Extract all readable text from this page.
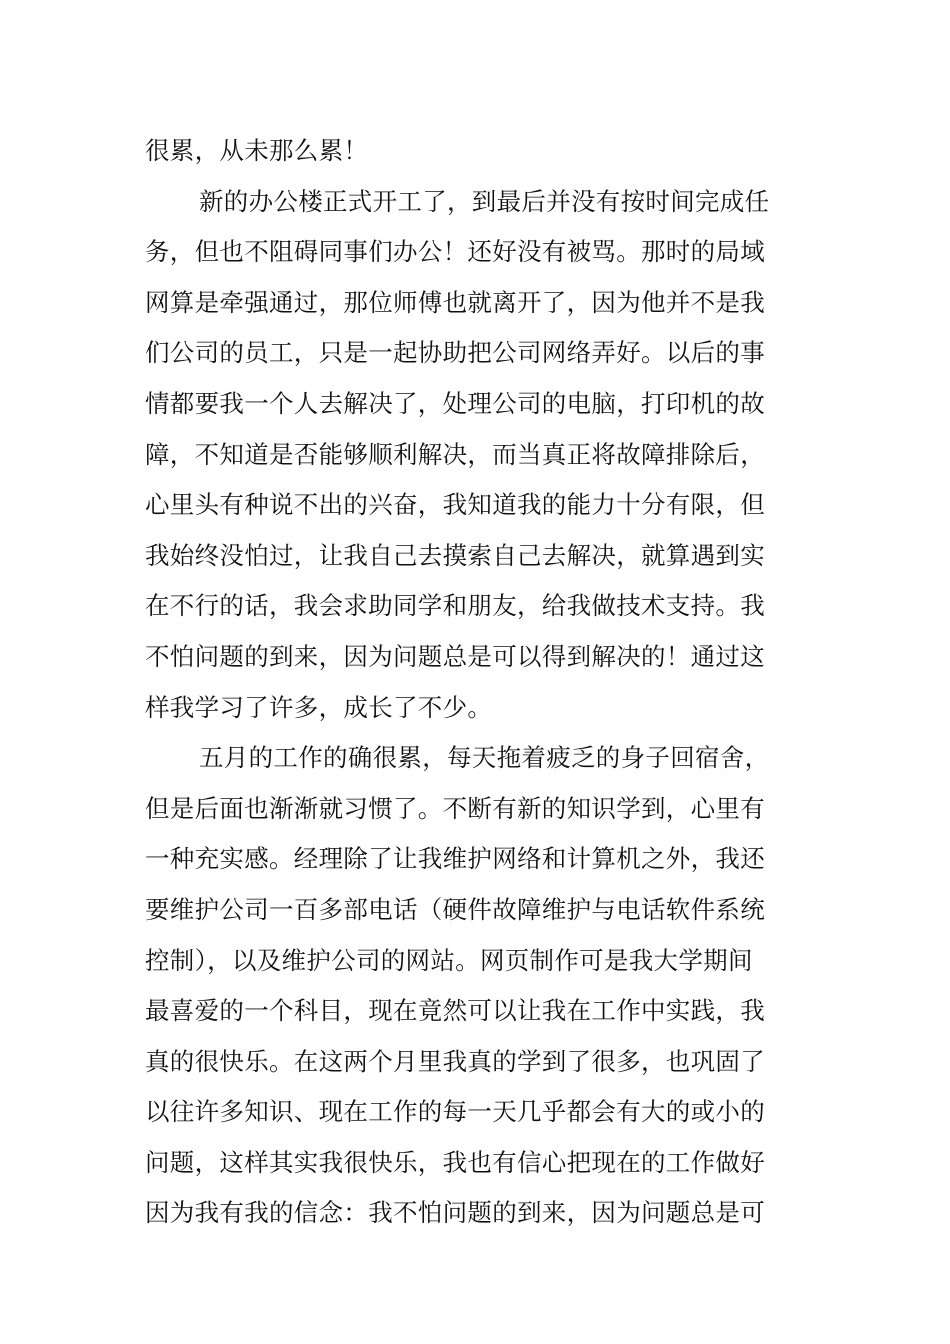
很累，从未那么累！
新的办公楼正式开工了，到最后并没有按时间完成任
务，但也不阻碍同事们办公！还好没有被骂。那时的局域
网算是牵强通过，那位师傅也就离开了，因为他并不是我
们公司的员工，只是一起协助把公司网络弄好。以后的事
情都要我一个人去解决了，处理公司的电脑，打印机的故
障，不知道是否能够顺利解决，而当真正将故障排除后，
心里头有种说不出的兴奋，我知道我的能力十分有限，但
我始终没怕过，让我自己去摸索自己去解决，就算遇到实
在不行的话，我会求助同学和朋友，给我做技术支持。我
不怕问题的到来，因为问题总是可以得到解决的！通过这
样我学习了许多，成长了不少。
五月的工作的确很累，每天拖着疲乏的身子回宿舍，
但是后面也渐渐就习惯了。不断有新的知识学到，心里有
一种充实感。经理除了让我维护网络和计算机之外，我还
要维护公司一百多部电话（硬件故障维护与电话软件系统
控制），以及维护公司的网站。网页制作可是我大学期间
最喜爱的一个科目，现在竟然可以让我在工作中实践，我
真的很快乐。在这两个月里我真的学到了很多，也巩固了
以往许多知识、现在工作的每一天几乎都会有大的或小的
问题，这样其实我很快乐，我也有信心把现在的工作做好
因为我有我的信念：我不怕问题的到来，因为问题总是可
